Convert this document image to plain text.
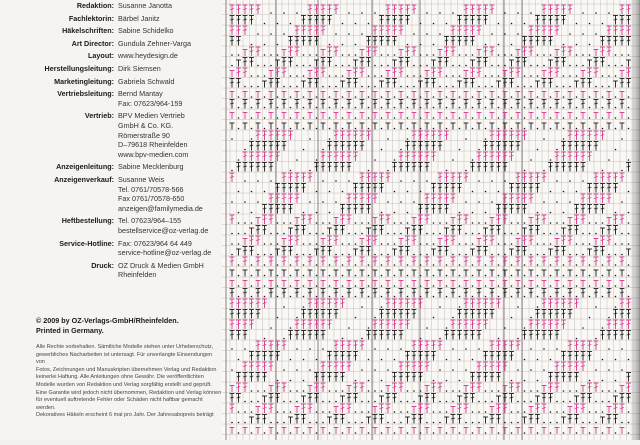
Redaktion: Susanne Janotta
Fachlektorin: Bärbel Janitz
Häkelschriften: Sabine Schidelko
Art Director: Gundula Zehner-Varga
Layout: www.heydesign.de
Herstellungsleitung: Dirk Siemsen
Marketingleitung: Gabriela Schwald
Vertriebsleitung: Bernd Mantay
Fax: 07623/964-159
Vertrieb: BPV Medien Vertrieb
GmbH & Co. KG.
Römerstraße 90
D–79618 Rheinfelden
www.bpv-medien.com
Anzeigenleitung: Sabine Mecklenburg
Anzeigenverkauf: Susanne Weis
Tel. 0761/70578-566
Fax 0761/70578-650
anzeigen@familymedia.de
Heftbestellung: Tel. 07623/964–155
bestellservice@oz-verlag.de
Service-Hotline: Fax: 07623/964 64 449
service-hotline@oz-verlag.de
Druck: OZ Druck & Medien GmbH
Rheinfelden
© 2009 by OZ-Verlags-GmbH/Rheinfelden.
Printed in Germany.
Alle Rechte vorbehalten. Sämtliche Modelle stehen unter Urheberschutz,
gewerbliches Nacharbeiten ist untersagt. Für unverlangte Einsendungen von
Fotos, Zeichnungen und Manuskripten übernehmen Verlag und Redaktion
keinerlei Haftung. Alle Anleitungen ohne Gewähr. Die veröffentlichten
Modelle wurden von Redaktion und Verlag sorgfältig erstellt und geprüft.
Eine Garantie wird jedoch nicht übernommen, Redaktion und Verlag können
für eventuell auftretende Fehler oder Schäden nicht haftbar gemacht werden.
Dekoratives Häkeln erscheint 6 mal pro Jahr. Der Jahresabopreis beträgt
